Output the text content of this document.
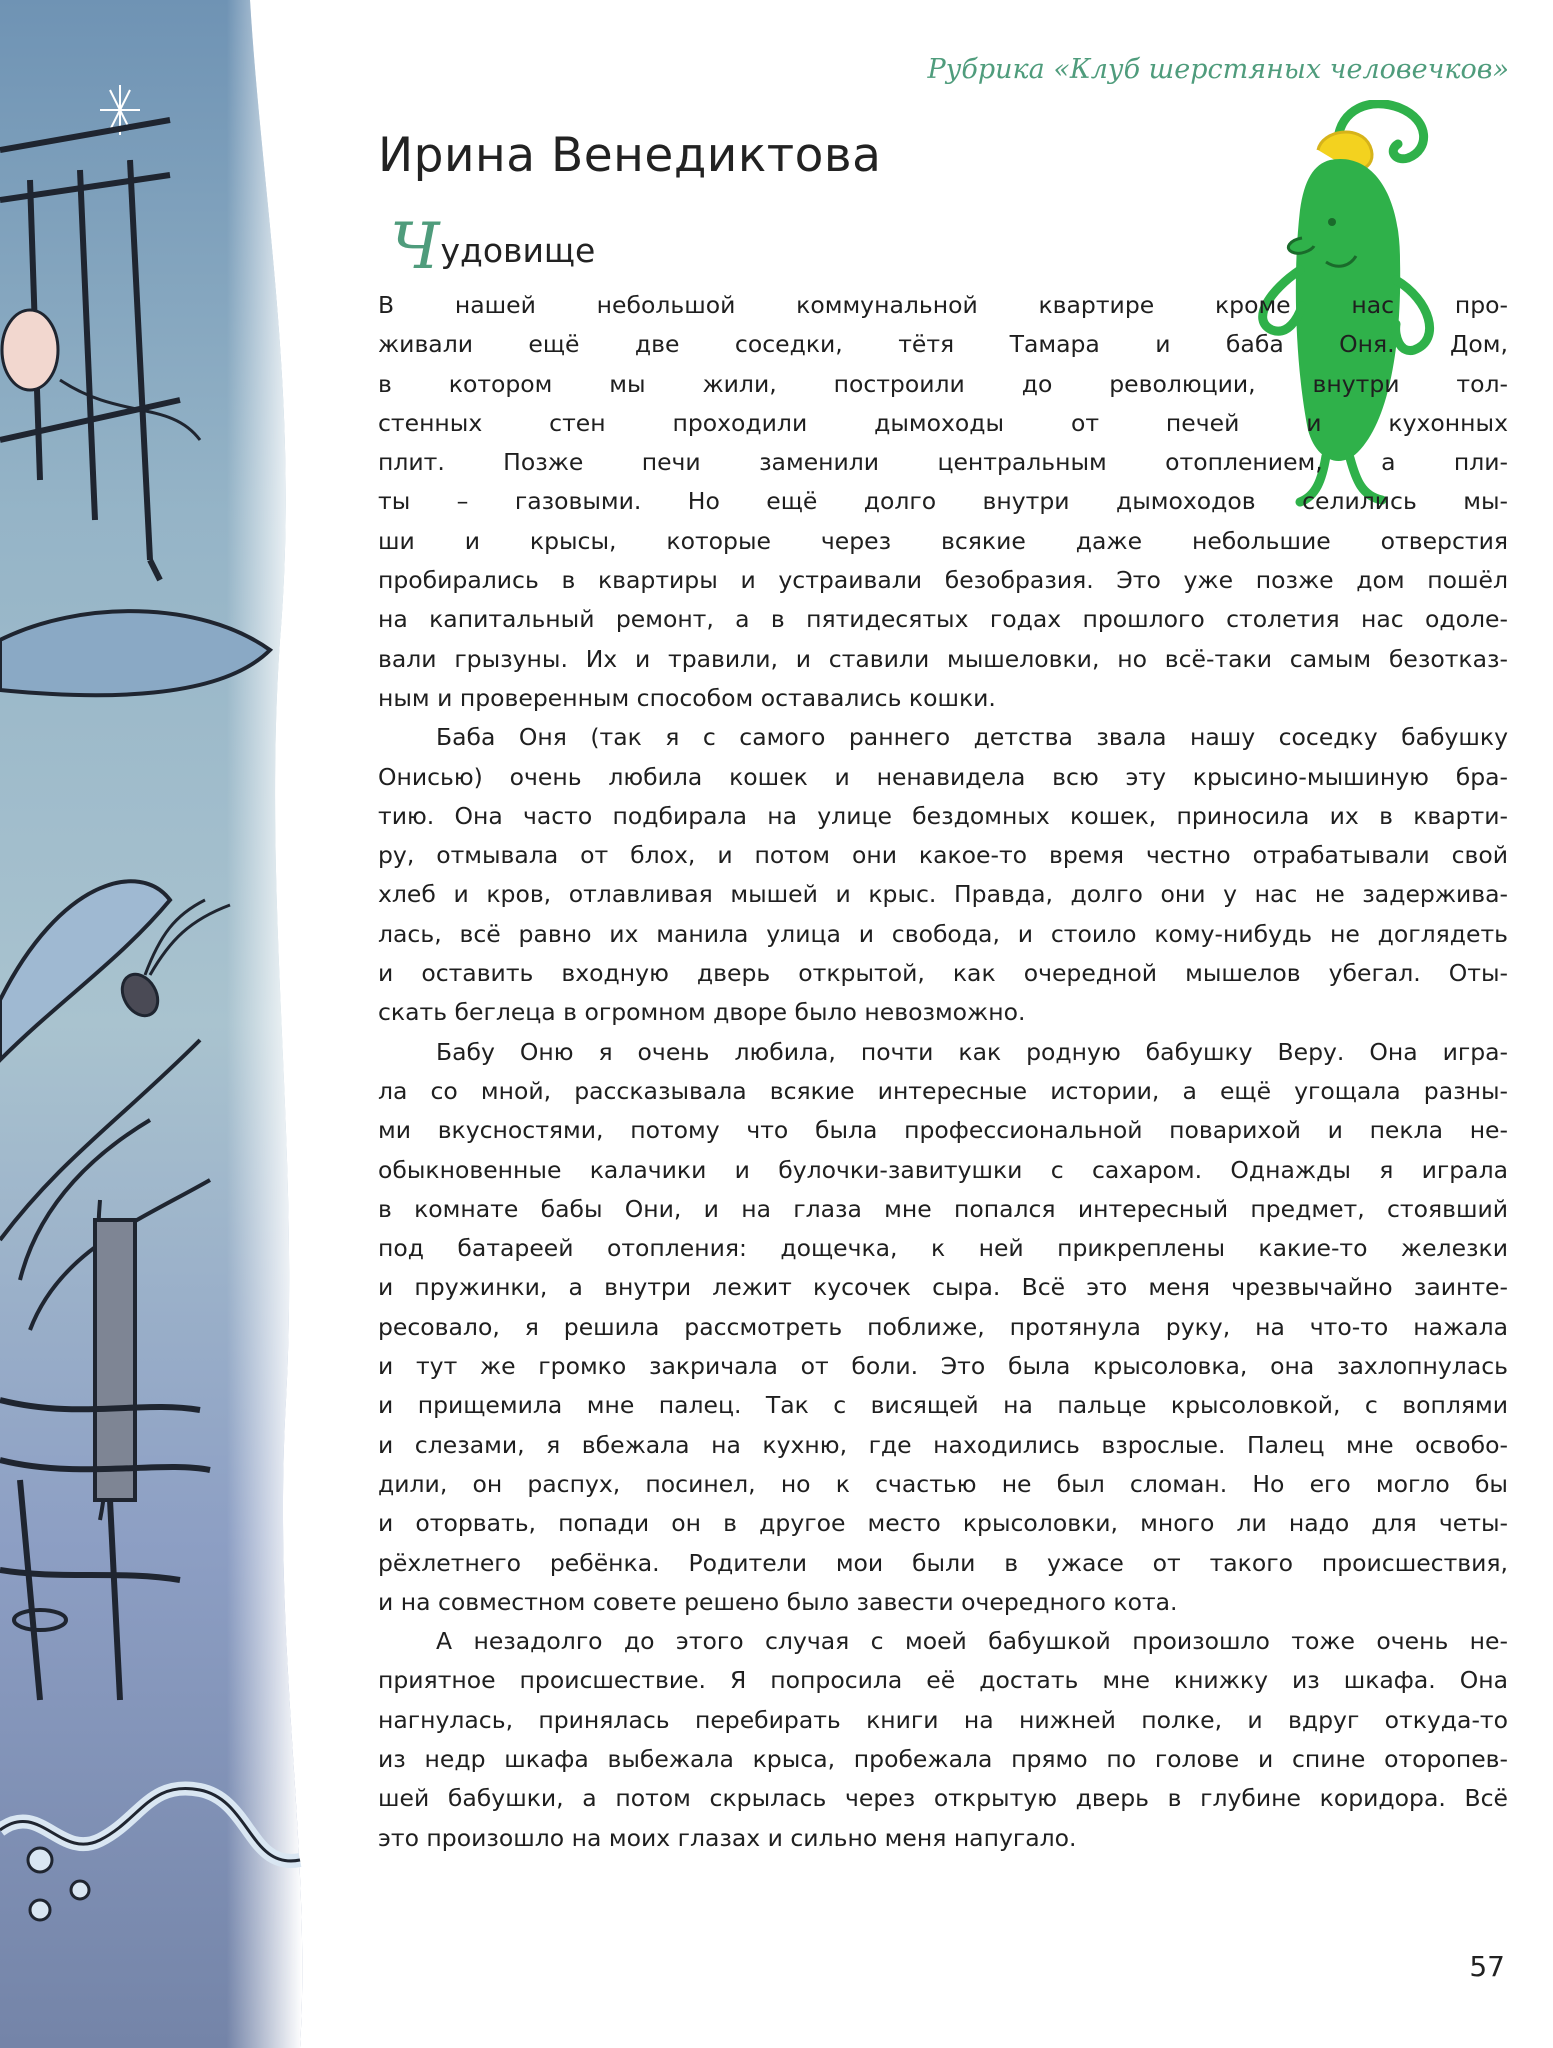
Рубрика «Клуб шерстяных человечков»
Ирина Венедиктова
Чудовище
В нашей небольшой коммунальной квартире кроме нас про-
живали ещё две соседки, тётя Тамара и баба Оня. Дом,
в котором мы жили, построили до революции, внутри тол-
стенных стен проходили дымоходы от печей и кухонных
плит. Позже печи заменили центральным отоплением, а пли-
ты – газовыми. Но ещё долго внутри дымоходов селились мы-
ши и крысы, которые через всякие даже небольшие отверстия
пробирались в квартиры и устраивали безобразия. Это уже позже дом пошёл
на капитальный ремонт, а в пятидесятых годах прошлого столетия нас одоле-
вали грызуны. Их и травили, и ставили мышеловки, но всё-таки самым безотказ-
ным и проверенным способом оставались кошки.
Баба Оня (так я с самого раннего детства звала нашу соседку бабушку
Онисью) очень любила кошек и ненавидела всю эту крысино-мышиную бра-
тию. Она часто подбирала на улице бездомных кошек, приносила их в кварти-
ру, отмывала от блох, и потом они какое-то время честно отрабатывали свой
хлеб и кров, отлавливая мышей и крыс. Правда, долго они у нас не задержива-
лась, всё равно их манила улица и свобода, и стоило кому-нибудь не доглядеть
и оставить входную дверь открытой, как очередной мышелов убегал. Оты-
скать беглеца в огромном дворе было невозможно.
Бабу Оню я очень любила, почти как родную бабушку Веру. Она игра-
ла со мной, рассказывала всякие интересные истории, а ещё угощала разны-
ми вкусностями, потому что была профессиональной поварихой и пекла не-
обыкновенные калачики и булочки-завитушки с сахаром. Однажды я играла
в комнате бабы Они, и на глаза мне попался интересный предмет, стоявший
под батареей отопления: дощечка, к ней прикреплены какие-то железки
и пружинки, а внутри лежит кусочек сыра. Всё это меня чрезвычайно заинте-
ресовало, я решила рассмотреть поближе, протянула руку, на что-то нажала
и тут же громко закричала от боли. Это была крысоловка, она захлопнулась
и прищемила мне палец. Так с висящей на пальце крысоловкой, с воплями
и слезами, я вбежала на кухню, где находились взрослые. Палец мне освобо-
дили, он распух, посинел, но к счастью не был сломан. Но его могло бы
и оторвать, попади он в другое место крысоловки, много ли надо для четы-
рёхлетнего ребёнка. Родители мои были в ужасе от такого происшествия,
и на совместном совете решено было завести очередного кота.
А незадолго до этого случая с моей бабушкой произошло тоже очень не-
приятное происшествие. Я попросила её достать мне книжку из шкафа. Она
нагнулась, принялась перебирать книги на нижней полке, и вдруг откуда-то
из недр шкафа выбежала крыса, пробежала прямо по голове и спине оторопев-
шей бабушки, а потом скрылась через открытую дверь в глубине коридора. Всё
это произошло на моих глазах и сильно меня напугало.
57
